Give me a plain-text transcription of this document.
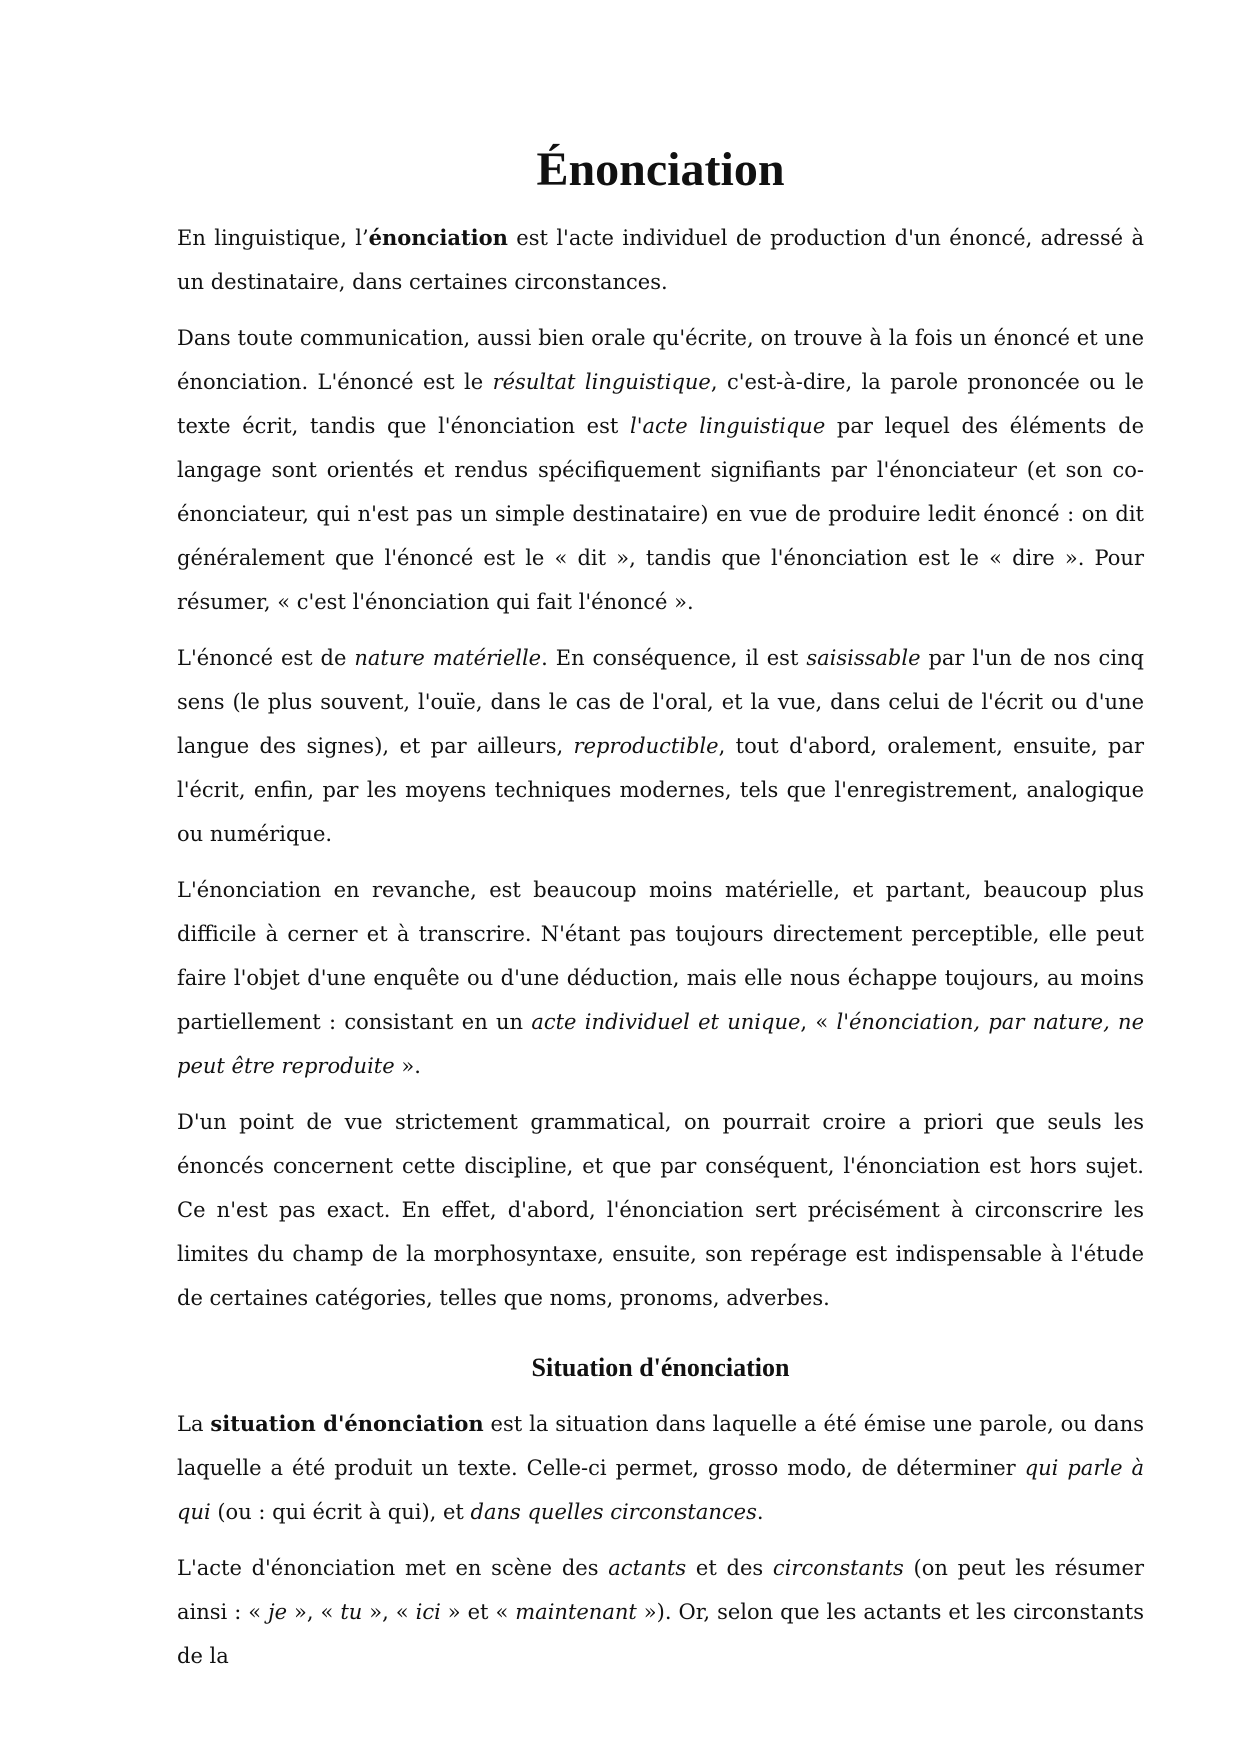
Énonciation

En linguistique, l’énonciation est l'acte individuel de production d'un énoncé, adressé à un destinataire, dans certaines circonstances.

Dans toute communication, aussi bien orale qu'écrite, on trouve à la fois un énoncé et une énonciation. L'énoncé est le résultat linguistique, c'est-à-dire, la parole prononcée ou le texte écrit, tandis que l'énonciation est l'acte linguistique par lequel des éléments de langage sont orientés et rendus spécifiquement signifiants par l'énonciateur (et son co-énonciateur, qui n'est pas un simple destinataire) en vue de produire ledit énoncé : on dit généralement que l'énoncé est le « dit », tandis que l'énonciation est le « dire ». Pour résumer, « c'est l'énonciation qui fait l'énoncé ».

L'énoncé est de nature matérielle. En conséquence, il est saisissable par l'un de nos cinq sens (le plus souvent, l'ouïe, dans le cas de l'oral, et la vue, dans celui de l'écrit ou d'une langue des signes), et par ailleurs, reproductible, tout d'abord, oralement, ensuite, par l'écrit, enfin, par les moyens techniques modernes, tels que l'enregistrement, analogique ou numérique.

L'énonciation en revanche, est beaucoup moins matérielle, et partant, beaucoup plus difficile à cerner et à transcrire. N'étant pas toujours directement perceptible, elle peut faire l'objet d'une enquête ou d'une déduction, mais elle nous échappe toujours, au moins partiellement : consistant en un acte individuel et unique, « l'énonciation, par nature, ne peut être reproduite ».

D'un point de vue strictement grammatical, on pourrait croire a priori que seuls les énoncés concernent cette discipline, et que par conséquent, l'énonciation est hors sujet. Ce n'est pas exact. En effet, d'abord, l'énonciation sert précisément à circonscrire les limites du champ de la morphosyntaxe, ensuite, son repérage est indispensable à l'étude de certaines catégories, telles que noms, pronoms, adverbes.

Situation d'énonciation

La situation d'énonciation est la situation dans laquelle a été émise une parole, ou dans laquelle a été produit un texte. Celle-ci permet, grosso modo, de déterminer qui parle à qui (ou : qui écrit à qui), et dans quelles circonstances.

L'acte d'énonciation met en scène des actants et des circonstants (on peut les résumer ainsi : « je », « tu », « ici » et « maintenant »). Or, selon que les actants et les circonstants de la
